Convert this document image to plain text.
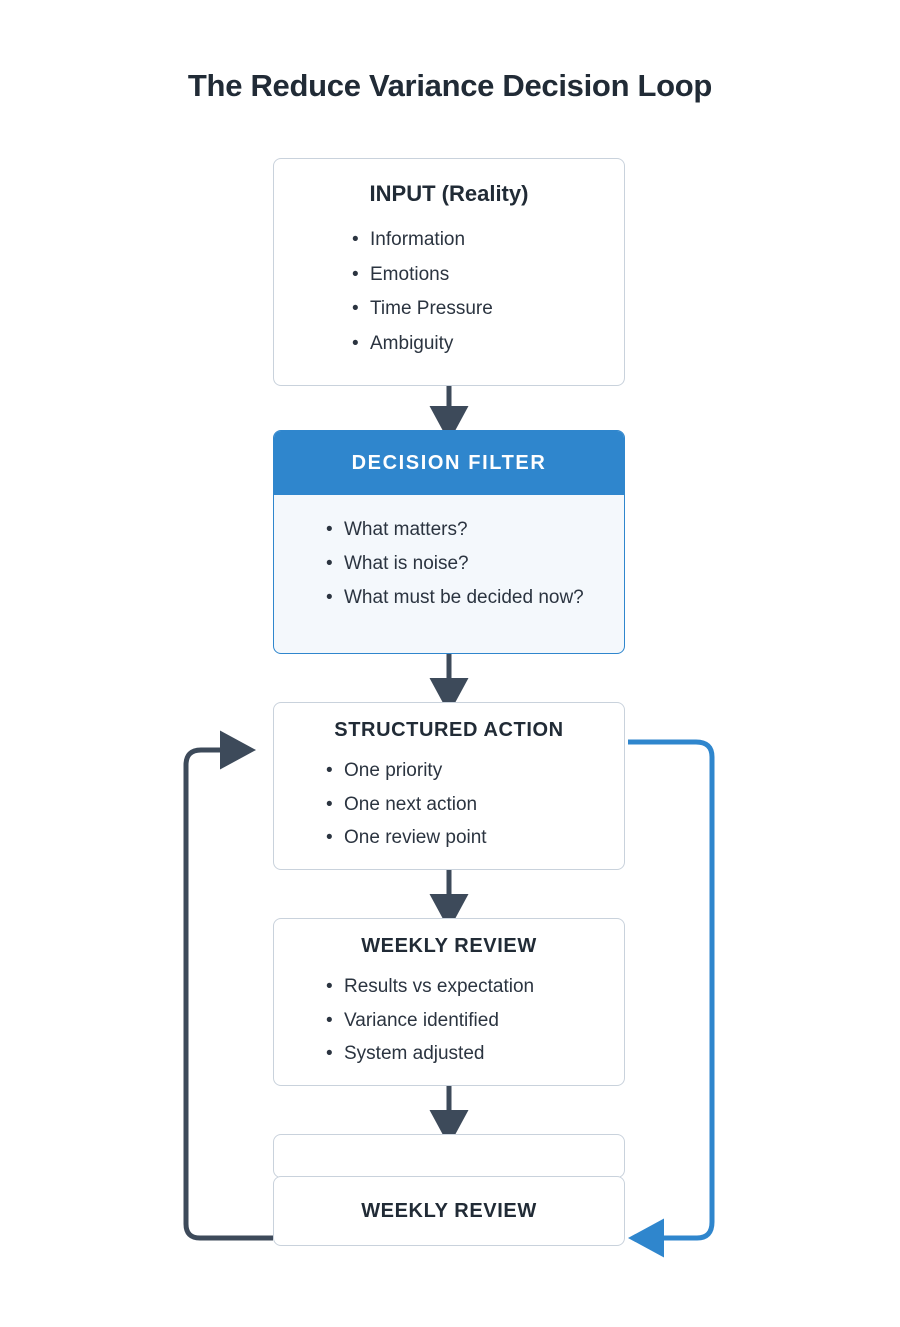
The Reduce Variance Decision Loop
INPUT (Reality)
• Information
• Emotions
• Time Pressure
• Ambiguity
DECISION FILTER
• What matters?
• What is noise?
• What must be decided now?
STRUCTURED ACTION
• One priority
• One next action
• One review point
WEEKLY REVIEW
• Results vs expectation
• Variance identified
• System adjusted
WEEKLY REVIEW
